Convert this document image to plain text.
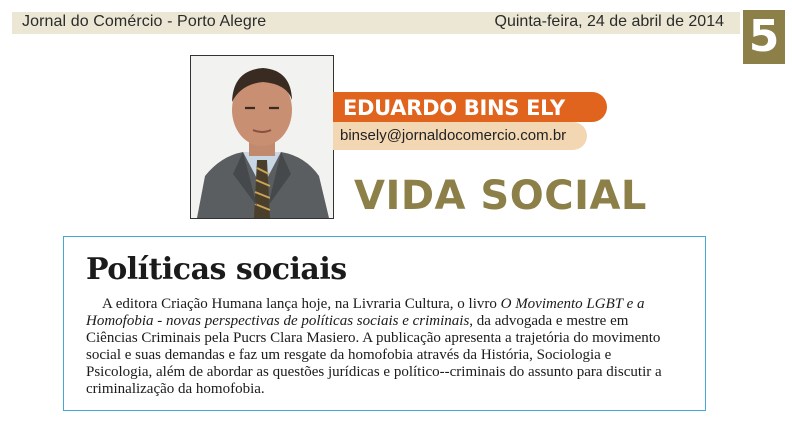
Jornal do Comércio - Porto Alegre	Quinta-feira, 24 de abril de 2014 5
EDUARDO BINS ELY
binsely@jornaldocomercio.com.br
VIDA SOCIAL
Políticas sociais

A editora Criação Humana lança hoje, na Livraria Cultura, o livro O Movimento LGBT e a Homofobia - novas perspectivas de políticas sociais e criminais, da advogada e mestre em Ciências Criminais pela Pucrs Clara Masiero. A publicação apresenta a trajetória do movimento social e suas demandas e faz um resgate da homofobia através da História, Sociologia e Psicologia, além de abordar as questões jurídicas e político--criminais do assunto para discutir a criminalização da homofobia.
